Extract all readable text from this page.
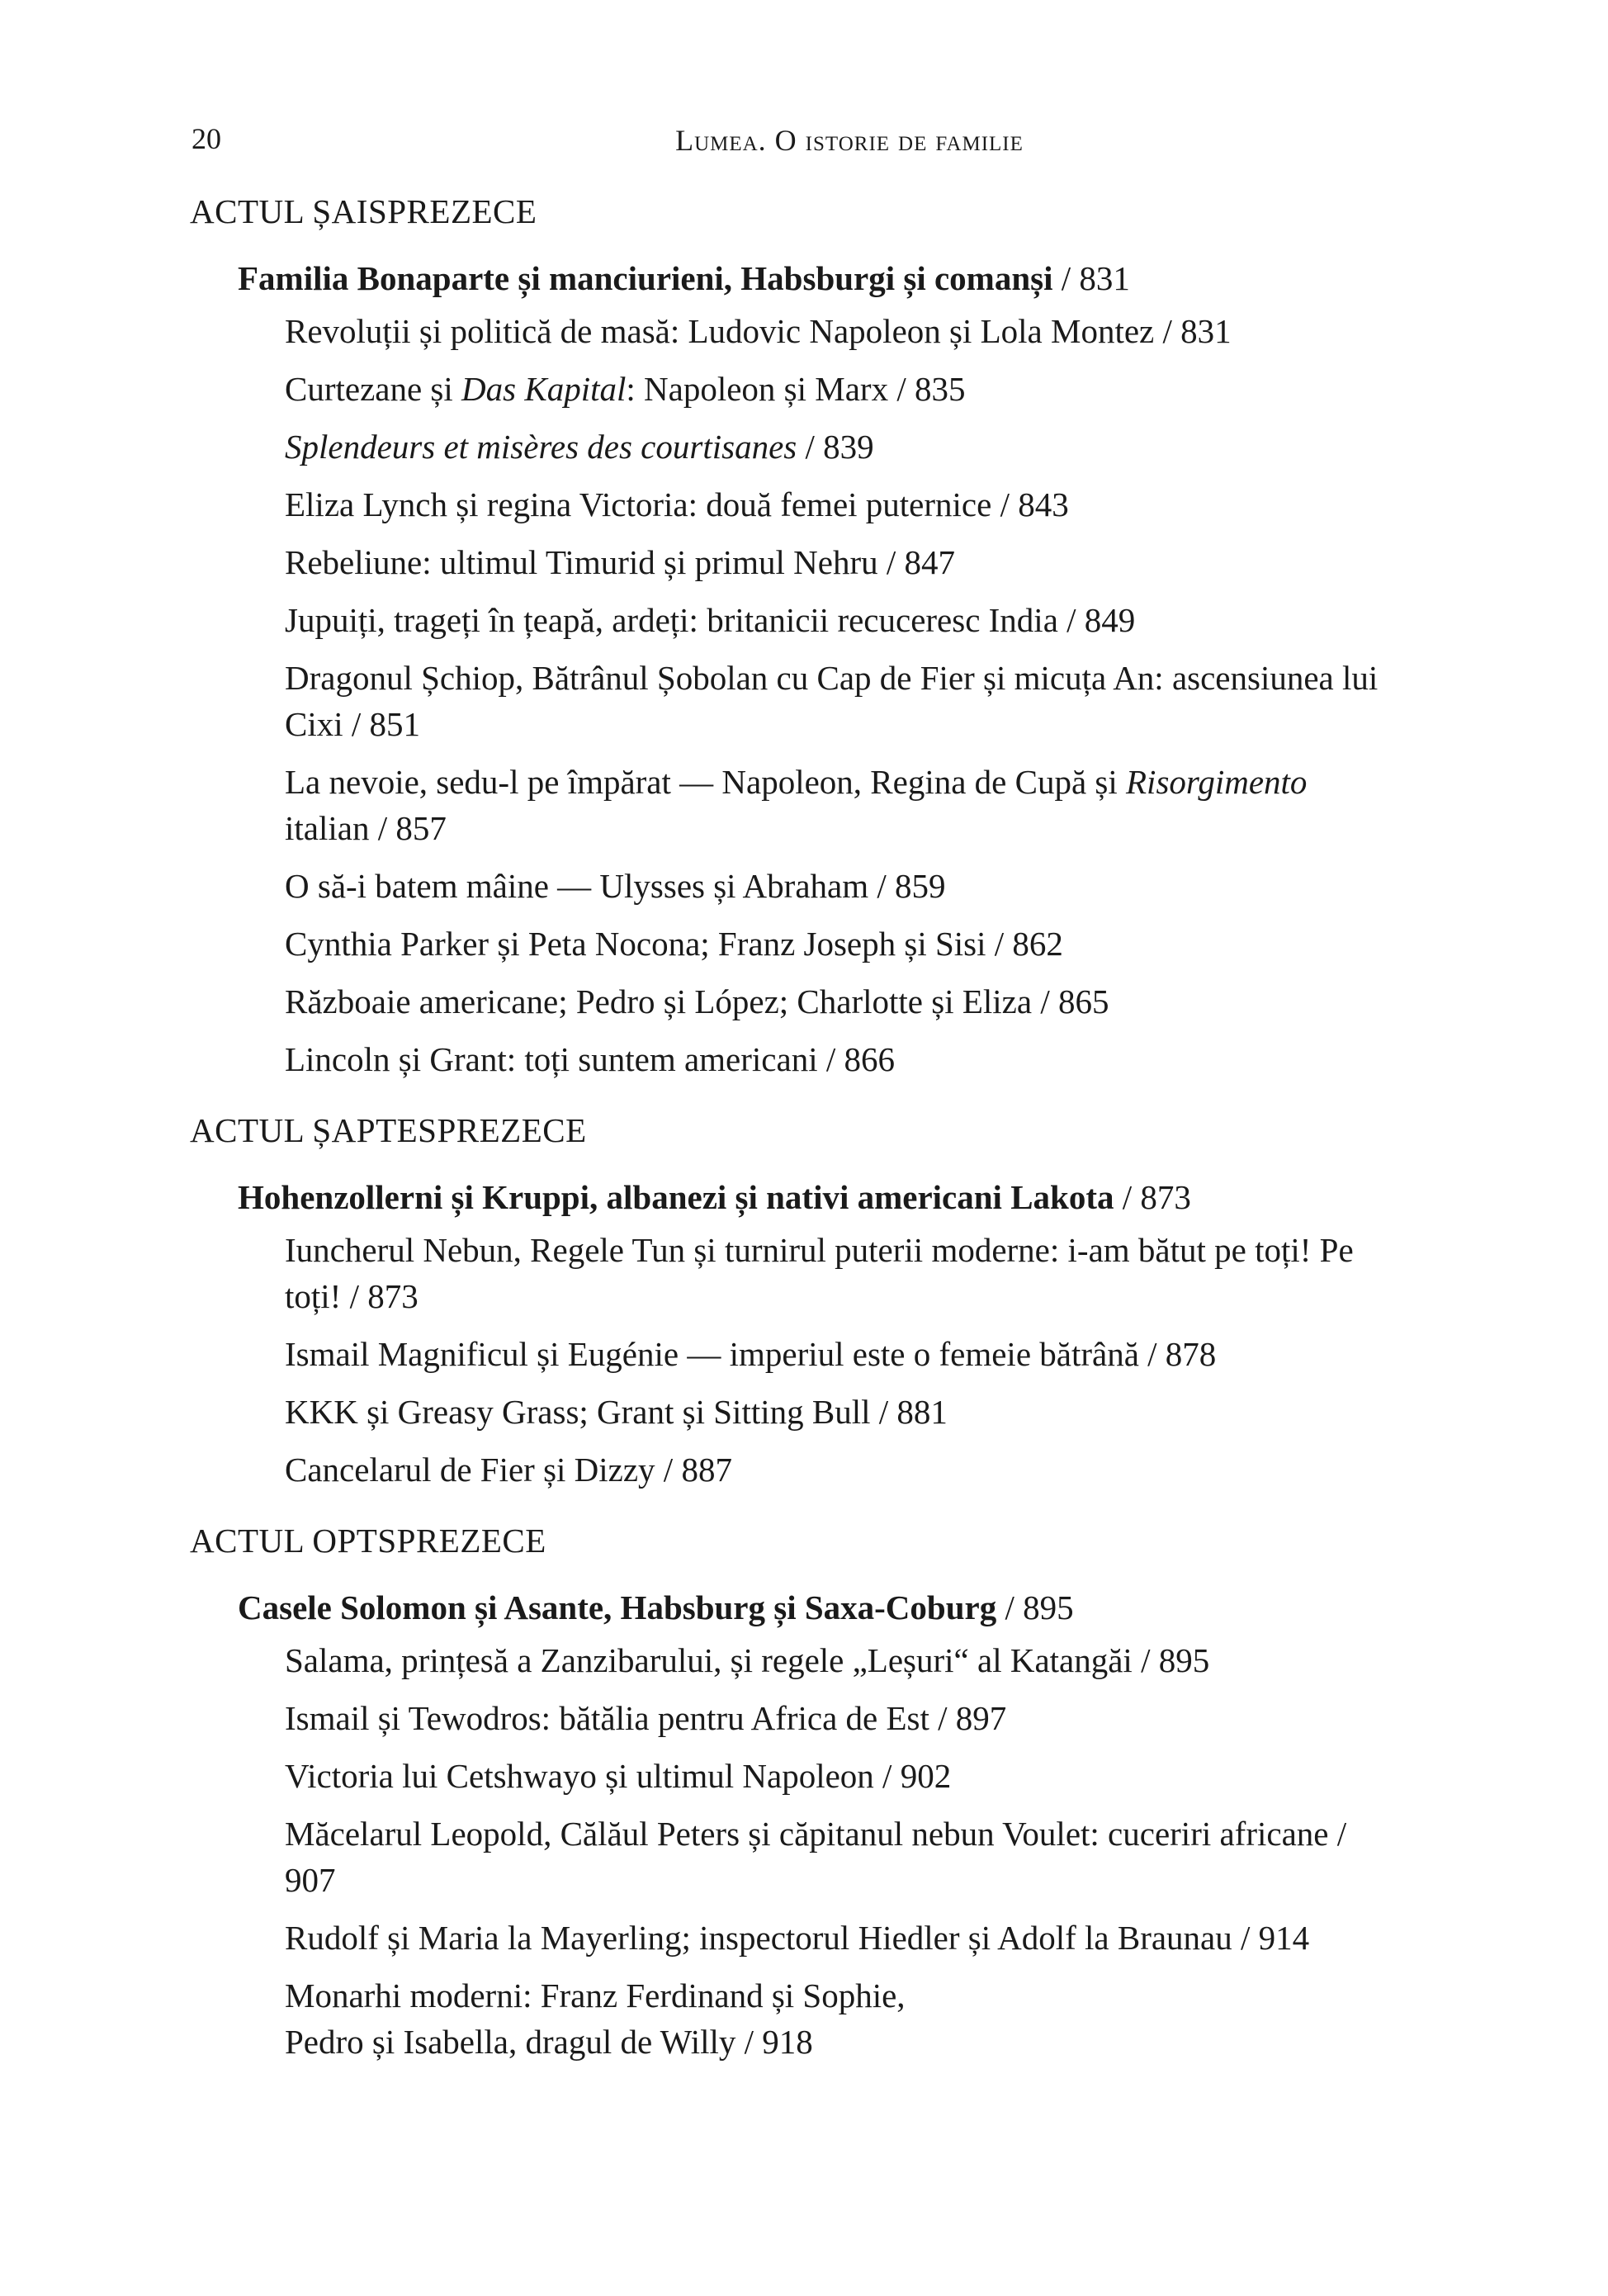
20	Lumea. O istorie de familie
ACTUL ȘAISPREZECE
Familia Bonaparte și manciurieni, Habsburgi și comanși / 831
Revoluții și politică de masă: Ludovic Napoleon și Lola Montez / 831
Curtezane și Das Kapital: Napoleon și Marx / 835
Splendeurs et misères des courtisanes / 839
Eliza Lynch și regina Victoria: două femei puternice / 843
Rebeliune: ultimul Timurid și primul Nehru / 847
Jupuiți, trageți în țeapă, ardeți: britanicii recuceresc India / 849
Dragonul Șchiop, Bătrânul Șobolan cu Cap de Fier și micuța An: ascensiunea lui Cixi / 851
La nevoie, sedu-l pe împărat — Napoleon, Regina de Cupă și Risorgimento italian / 857
O să-i batem mâine — Ulysses și Abraham / 859
Cynthia Parker și Peta Nocona; Franz Joseph și Sisi / 862
Războaie americane; Pedro și López; Charlotte și Eliza / 865
Lincoln și Grant: toți suntem americani / 866
ACTUL ȘAPTESPREZECE
Hohenzollerni și Kruppi, albanezi și nativi americani Lakota / 873
Iuncherul Nebun, Regele Tun și turnirul puterii moderne: i-am bătut pe toți! Pe toți! / 873
Ismail Magnificul și Eugénie — imperiul este o femeie bătrână / 878
KKK și Greasy Grass; Grant și Sitting Bull / 881
Cancelarul de Fier și Dizzy / 887
ACTUL OPTSPREZECE
Casele Solomon și Asante, Habsburg și Saxa-Coburg / 895
Salama, prințesă a Zanzibarului, și regele „Leșuri“ al Katangăi / 895
Ismail și Tewodros: bătălia pentru Africa de Est / 897
Victoria lui Cetshwayo și ultimul Napoleon / 902
Măcelarul Leopold, Călăul Peters și căpitanul nebun Voulet: cuceriri africane / 907
Rudolf și Maria la Mayerling; inspectorul Hiedler și Adolf la Braunau / 914
Monarhi moderni: Franz Ferdinand și Sophie,
Pedro și Isabella, dragul de Willy / 918
